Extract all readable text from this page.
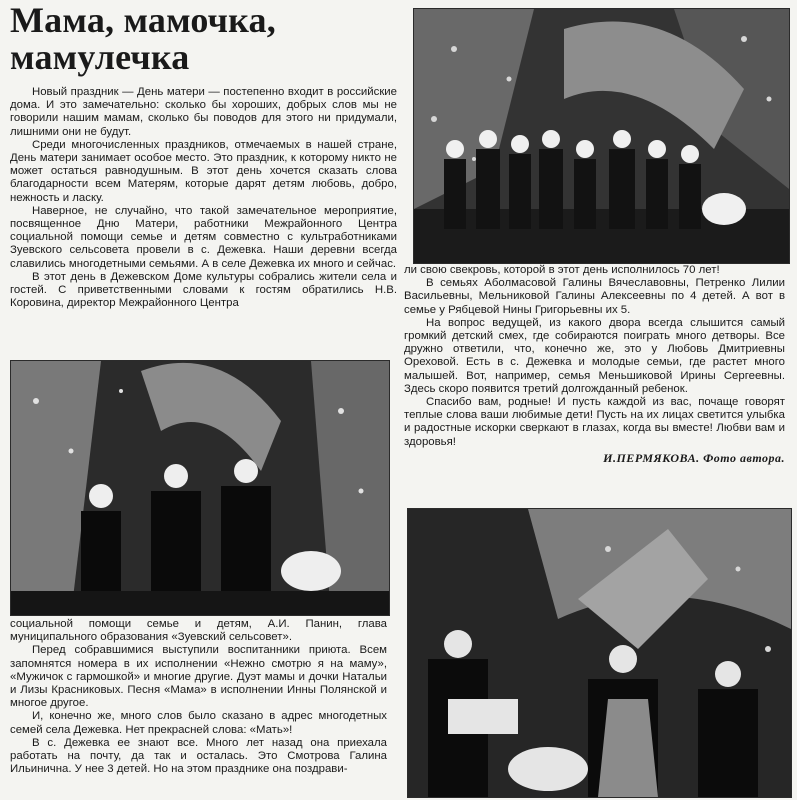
Мама, мамочка, мамулечка

Новый праздник — День матери — постепенно входит в российские дома. И это замечательно: сколько бы хороших, добрых слов мы не говорили нашим мамам, сколько бы поводов для этого ни придумали, лишними они не будут.

Среди многочисленных праздников, отмечаемых в нашей стране, День матери занимает особое место. Это праздник, к которому никто не может остаться равнодушным. В этот день хочется сказать слова благодарности всем Матерям, которые дарят детям любовь, добро, нежность и ласку.

Наверное, не случайно, что такой замечательное мероприятие, посвященное Дню Матери, работники Межрайонного Центра социальной помощи семье и детям совместно с культработниками Зуевского сельсовета провели в с. Дежевка. Наши деревни всегда славились многодетными семьями. А в селе Дежевка их много и сейчас.

В этот день в Дежевском Доме культуры собрались жители села и гостей. С приветственными словами к гостям обратились Н.В. Коровина, директор Межрайонного Центра

социальной помощи семье и детям, А.И. Панин, глава муниципального образования «Зуевский сельсовет».

Перед собравшимися выступили воспитанники приюта. Всем запомнятся номера в их исполнении «Нежно смотрю я на маму», «Мужичок с гармошкой» и многие другие. Дуэт мамы и дочки Натальи и Лизы Красниковых. Песня «Мама» в исполнении Инны Полянской и многое другое.

И, конечно же, много слов было сказано в адрес многодетных семей села Дежевка. Нет прекрасней слова: «Мать»!

В с. Дежевка ее знают все. Много лет назад она приехала работать на почту, да так и осталась. Это Смотрова Галина Ильинична. У нее 3 детей. Но на этом празднике она поздрави-

ли свою свекровь, которой в этот день исполнилось 70 лет!

В семьях Аболмасовой Галины Вячеславовны, Петренко Лилии Васильевны, Мельниковой Галины Алексеевны по 4 детей. А вот в семье у Рябцевой Нины Григорьевны их 5.

На вопрос ведущей, из какого двора всегда слышится самый громкий детский смех, где собираются поиграть много детворы. Все дружно ответили, что, конечно же, это у Любовь Дмитриевны Ореховой. Есть в с. Дежевка и молодые семьи, где растет много малышей. Вот, например, семья Меньшиковой Ирины Сергеевны. Здесь скоро появится третий долгожданный ребенок.

Спасибо вам, родные! И пусть каждой из вас, почаще говорят теплые слова ваши любимые дети! Пусть на их лицах светится улыбка и радостные искорки сверкают в глазах, когда вы вместе! Любви вам и здоровья!

И.ПЕРМЯКОВА. Фото автора.
